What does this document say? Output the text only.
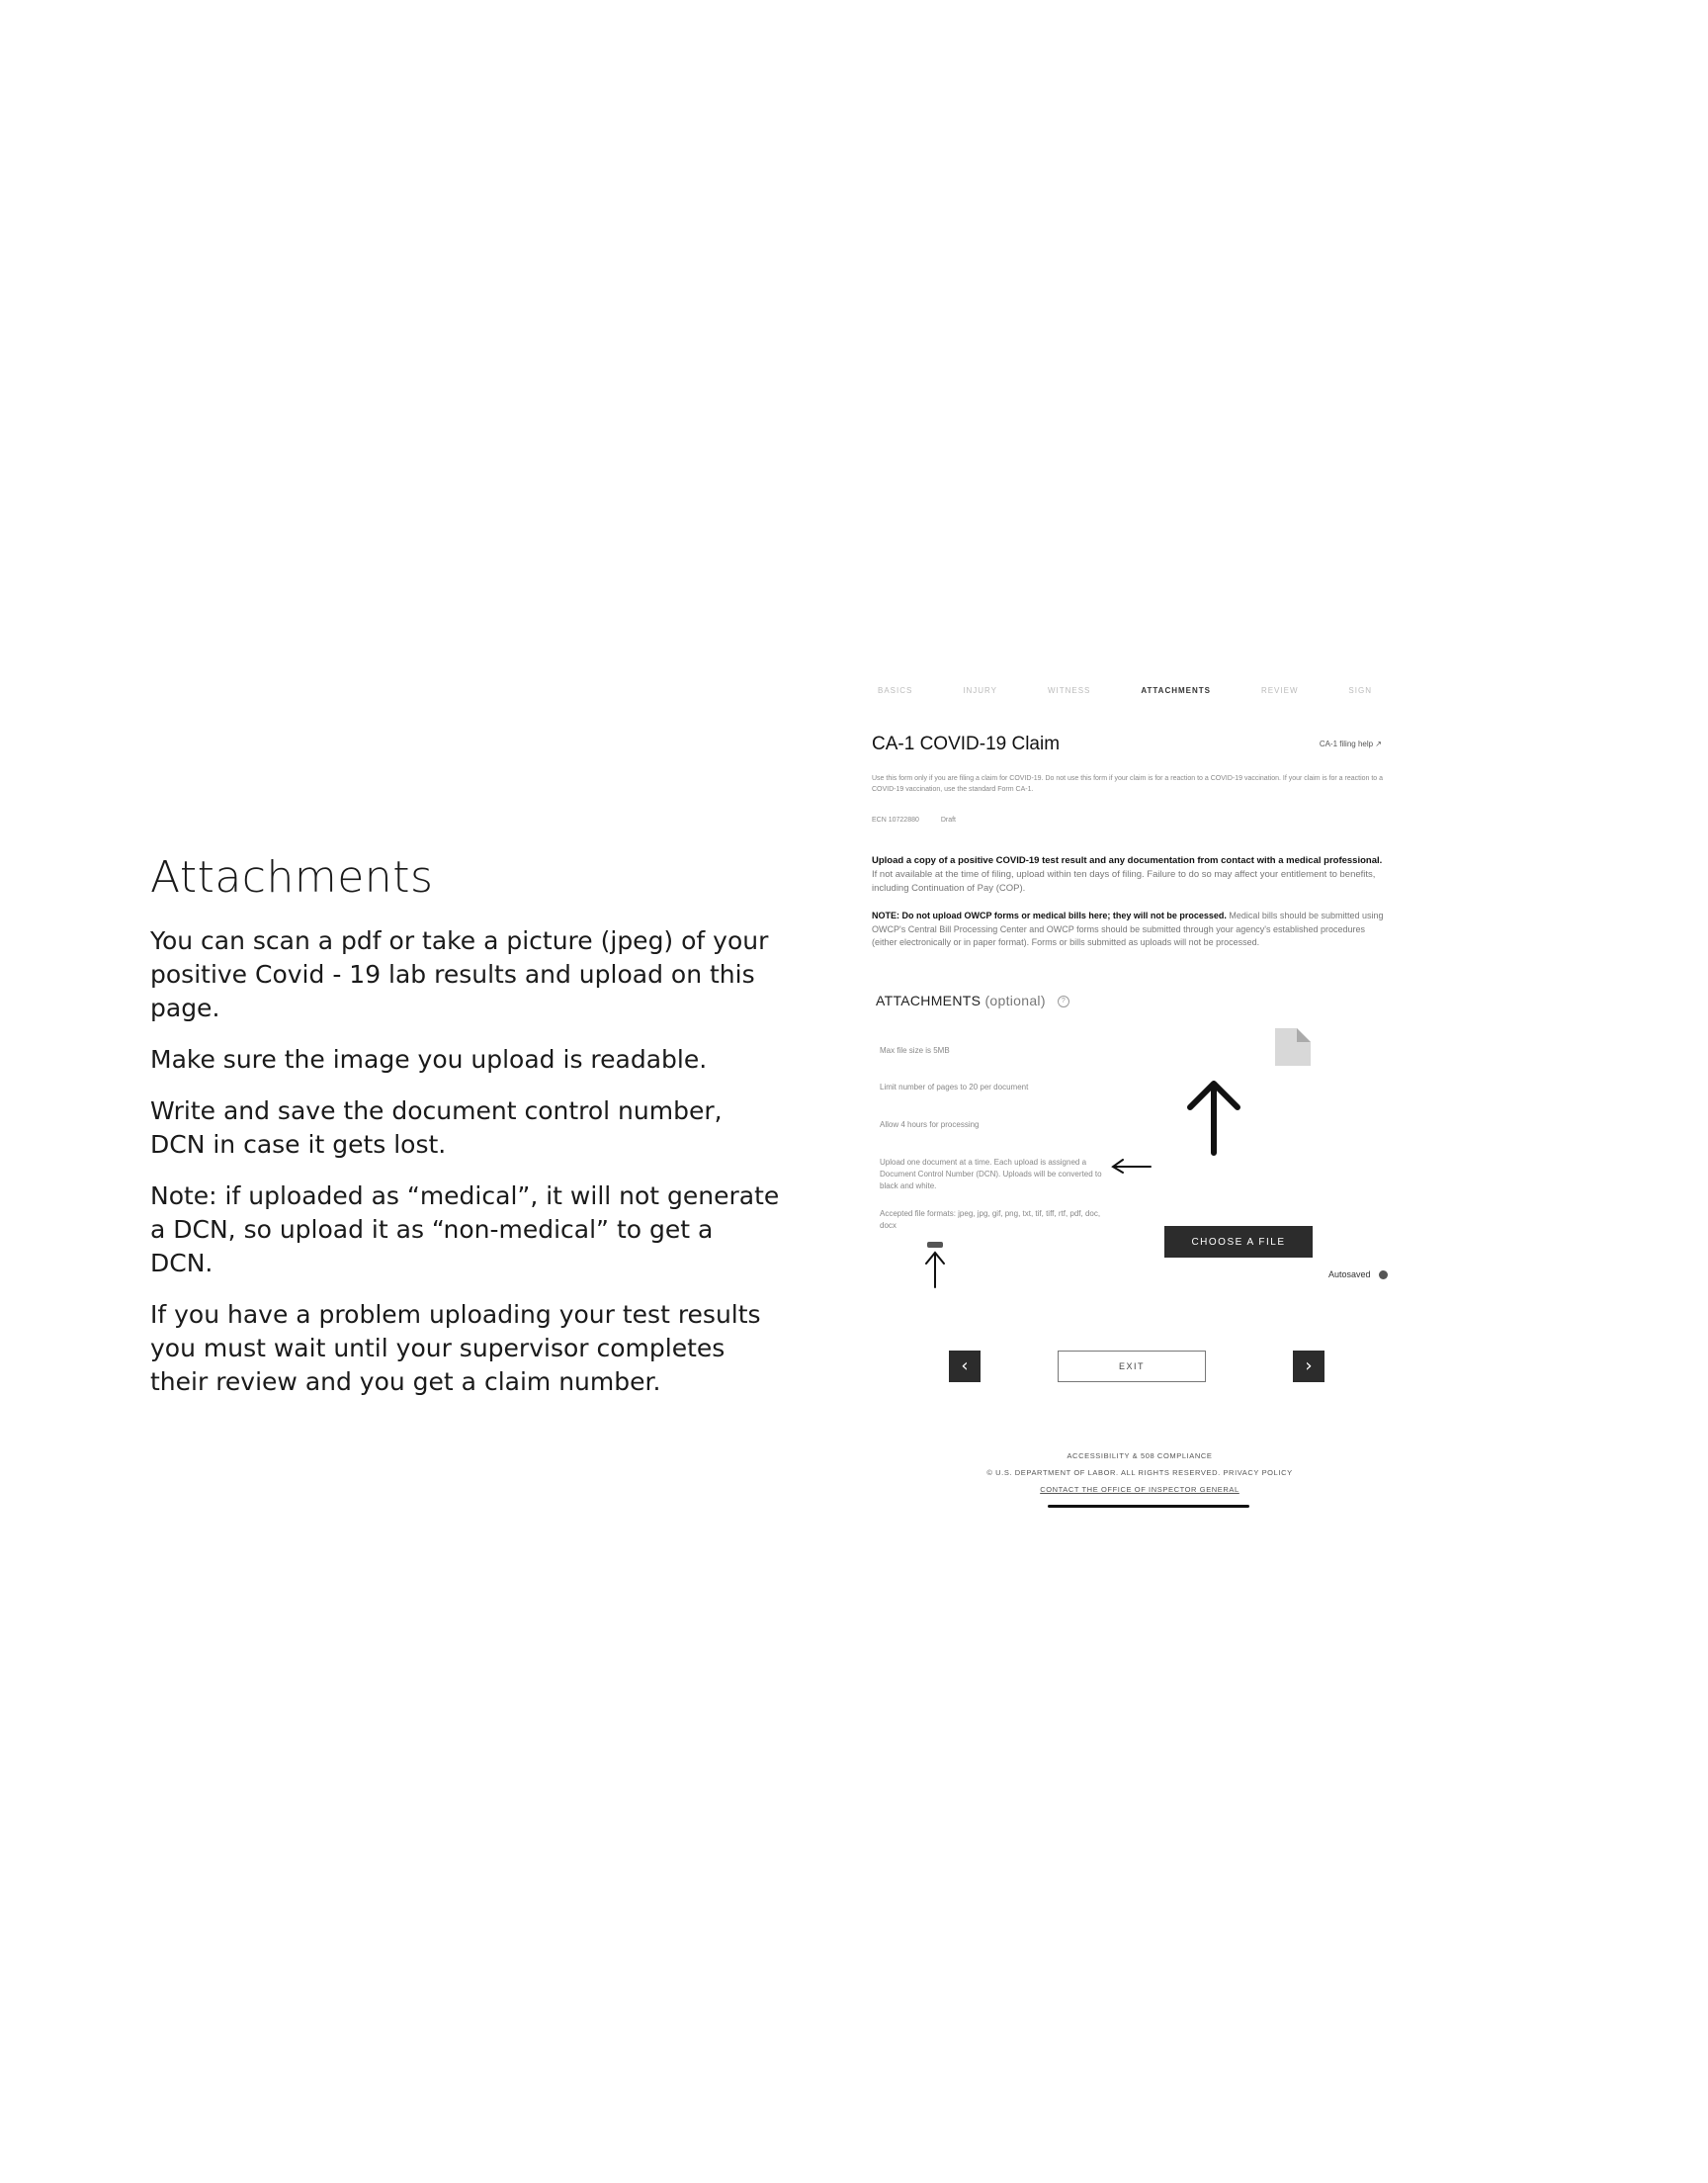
Attachments

You can scan a pdf or take a picture (jpeg) of your positive Covid - 19 lab results and upload on this page.

Make sure the image you upload is readable.

Write and save the document control number, DCN in case it gets lost.

Note: if uploaded as “medical”, it will not generate a DCN, so upload it as “non-medical” to get a DCN.

If you have a problem uploading your test results you must wait until your supervisor completes their review and you get a claim number.

BASICS	INJURY	WITNESS	ATTACHMENTS	REVIEW	SIGN
CA-1 COVID-19 Claim	CA-1 filing help ↗
Use this form only if you are filing a claim for COVID-19. Do not use this form if your claim is for a reaction to a COVID-19 vaccination. If your claim is for a reaction to a COVID-19 vaccination, use the standard Form CA-1.
ECN 10722880	Draft
Upload a copy of a positive COVID-19 test result and any documentation from contact with a medical professional. If not available at the time of filing, upload within ten days of filing. Failure to do so may affect your entitlement to benefits, including Continuation of Pay (COP).
NOTE: Do not upload OWCP forms or medical bills here; they will not be processed. Medical bills should be submitted using OWCP's Central Bill Processing Center and OWCP forms should be submitted through your agency's established procedures (either electronically or in paper format). Forms or bills submitted as uploads will not be processed.
ATTACHMENTS (optional) ?
Max file size is 5MB
Limit number of pages to 20 per document
Allow 4 hours for processing
Upload one document at a time. Each upload is assigned a Document Control Number (DCN). Uploads will be converted to black and white.
Accepted file formats: jpeg, jpg, gif, png, txt, tif, tiff, rtf, pdf, doc, docx
CHOOSE A FILE
Autosaved
‹	EXIT	›
ACCESSIBILITY & 508 COMPLIANCE
© U.S. DEPARTMENT OF LABOR. ALL RIGHTS RESERVED. PRIVACY POLICY
CONTACT THE OFFICE OF INSPECTOR GENERAL
